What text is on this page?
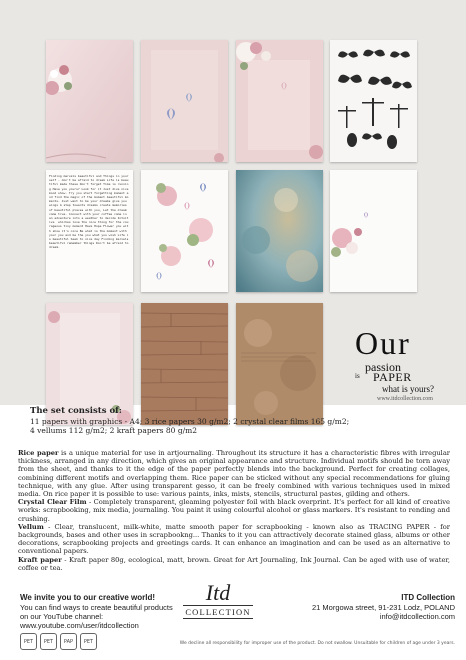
Finding marvels beautiful and Things in yourself - don't be afraid to dream Life is beautiful made these Don't forget Time is running Have you yours? Look for it Just dive nice mood show. Try you start forgetting moment and find the magic of the moment beautiful moments. Just want to be your dreams give you wings A step towards dreams create memories of beautiful places with you, Let the dream come true. Connect with your coffee come in an adventure into a weather to decide Intuitive  whiches love the nice thing for the courageous tiny moment Have Hope Flower you with show it's nice Be what is the moment with your you and be the you what you wish Life is beautiful Seek to nice day Finding marvels beautiful remember things Don't be afraid to dream.
Our
passion
is PAPER
what is yours?
www.itdcollection.com

The set consists of:

11 papers with graphics - A4; 3 rice papers 30 g/m2; 2 crystal clear films 165 g/m2;

4 vellums 112 g/m2; 2 kraft papers 80 g/m2

Rice paper is a unique material for use in artjournaling. Throughout its structure it has a characteristic fibres with irregular thickness, arranged in any direction, which gives an original appearance and structure. Individual motifs should be torn away from the sheet, and thanks to it the edge of the paper perfectly blends into the background. Perfect for creating collages, combining different motifs and overlapping them. Rice paper can be sticked without any special recommendations for gluing technique, with any glue. After using transparent gesso, it can be freely combined with various techniques used in mixed media. On rice paper it is possible to use: various paints, inks, mists, stencils, structural pastes, gilding and others.

Crystal Clear Film - Completely transparent, gleaming polyester foil with black overprint. It's perfect for all kind of creative works: scrapbooking, mix media, journaling. You paint it using colourful alcohol or glass markers. It's resistant to rending and crushing.

Vellum - Clear, translucent, milk-white, matte smooth paper for scrapbooking - known also as TRACING PAPER - for backgrounds, bases and other uses in scrapbookng... Thanks to it you can attractively decorate stained glass, albums or other decorations, scrapbooking projects and greetings cards. It can enhance an imagination and can be used as an alternative to conventional papers.

Kraft paper - Kraft paper 80g, ecological, matt, brown. Great for Art Journaling, Ink Journal. Can be aged with use of water, coffee or tea.

We invite you to our creative world!
You can find ways to create beautiful products
on our YouTube channel:
www.youtube.com/user/itdcollection
PET	PET	PAP	PET
Itd
COLLECTION
ITD Collection
21 Morgowa street, 91-231 Lodz, POLAND
info@itdcollection.com
We decline all responsibility for improper use of the product. Do not swallow. Unsuitable for children of age under 3 years.
